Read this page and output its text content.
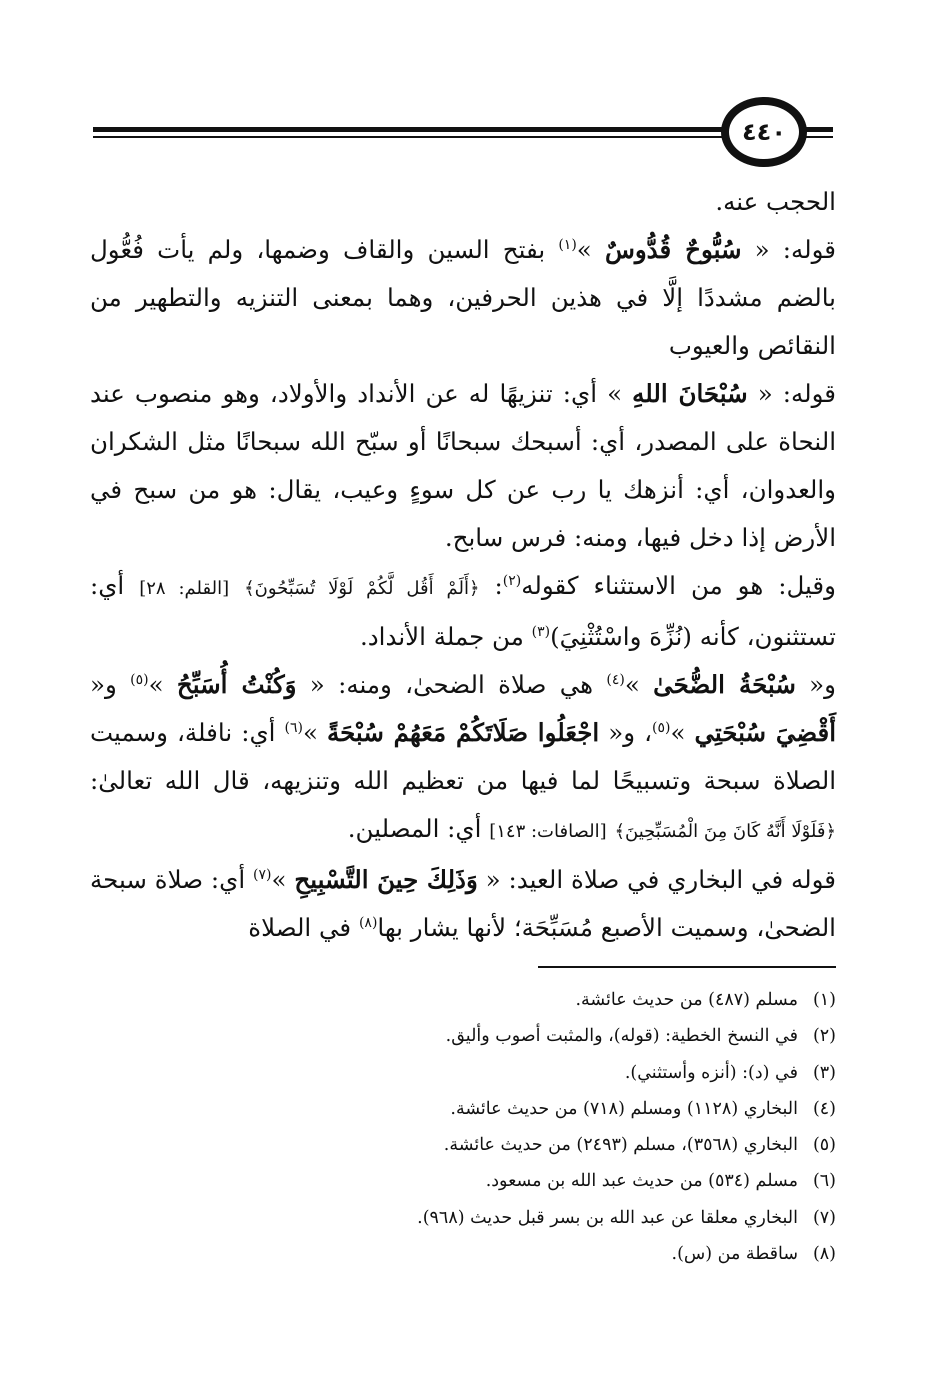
٤٤٠

الحجب عنه.

قوله: « سُبُّوحٌ قُدُّوسٌ »$^{(١)}$ بفتح السين والقاف وضمها، ولم يأت فُعُّول بالضم مشددًا إلَّا في هذين الحرفين، وهما بمعنى التنزيه والتطهير من النقائص والعيوب

قوله: « سُبْحَانَ اللهِ » أي: تنزيهًا له عن الأنداد والأولاد، وهو منصوب عند النحاة على المصدر، أي: أسبحك سبحانًا أو سبّح الله سبحانًا مثل الشكران والعدوان، أي: أنزهك يا رب عن كل سوءٍ وعيب، يقال: هو من سبح في الأرض إذا دخل فيها، ومنه: فرس سابح.

وقيل: هو من الاستثناء كقوله$^{(٢)}$: ﴿أَلَمْ أَقُل لَّكُمْ لَوْلَا تُسَبِّحُونَ﴾ [القلم: ٢٨] أي: تستثنون، كأنه (نُزِّهَ واسْتُثْنِيَ)$^{(٣)}$ من جملة الأنداد.

و« سُبْحَةُ الضُّحَىٰ »$^{(٤)}$ هي صلاة الضحىٰ، ومنه: « وَكُنْتُ أُسَبِّحُ »$^{(٥)}$ و« أَقْضِيَ سُبْحَتِي »$^{(٥)}$، و« اجْعَلُوا صَلَاتَكُمْ مَعَهُمْ سُبْحَةً »$^{(٦)}$ أي: نافلة، وسميت الصلاة سبحة وتسبيحًا لما فيها من تعظيم الله وتنزيهه، قال الله تعالىٰ: ﴿فَلَوْلَا أَنَّهُ كَانَ مِنَ الْمُسَبِّحِينَ﴾ [الصافات: ١٤٣] أي: المصلين.

قوله في البخاري في صلاة العيد: « وَذَلِكَ حِينَ التَّسْبِيحِ »$^{(٧)}$ أي: صلاة سبحة الضحىٰ، وسميت الأصبع مُسَبِّحَة؛ لأنها يشار بها$^{(٨)}$ في الصلاة

(١)مسلم (٤٨٧) من حديث عائشة.
(٢)في النسخ الخطية: (قوله)، والمثبت أصوب وأليق.
(٣)في (د): (أنزه وأستثني).
(٤)البخاري (١١٢٨) ومسلم (٧١٨) من حديث عائشة.
(٥)البخاري (٣٥٦٨)، مسلم (٢٤٩٣) من حديث عائشة.
(٦)مسلم (٥٣٤) من حديث عبد الله بن مسعود.
(٧)البخاري معلقا عن عبد الله بن بسر قبل حديث (٩٦٨).
(٨)ساقطة من (س).
